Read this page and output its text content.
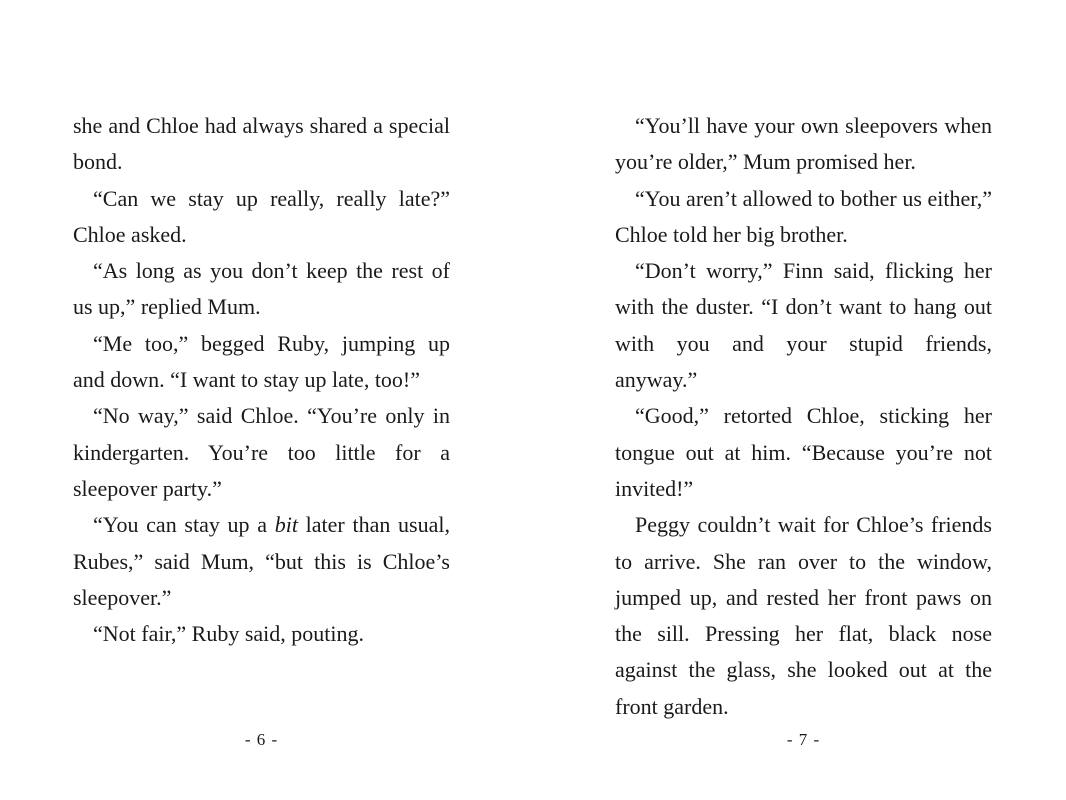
she and Chloe had always shared a special bond.

“Can we stay up really, really late?” Chloe asked.

“As long as you don’t keep the rest of us up,” replied Mum.

“Me too,” begged Ruby, jumping up and down. “I want to stay up late, too!”

“No way,” said Chloe. “You’re only in kindergarten. You’re too little for a sleepover party.”

“You can stay up a bit later than usual, Rubes,” said Mum, “but this is Chloe’s sleepover.”

“Not fair,” Ruby said, pouting.

“You’ll have your own sleepovers when you’re older,” Mum promised her.

“You aren’t allowed to bother us either,” Chloe told her big brother.

“Don’t worry,” Finn said, flicking her with the duster. “I don’t want to hang out with you and your stupid friends, anyway.”

“Good,” retorted Chloe, sticking her tongue out at him. “Because you’re not invited!”

Peggy couldn’t wait for Chloe’s friends to arrive. She ran over to the window, jumped up, and rested her front paws on the sill. Pressing her flat, black nose against the glass, she looked out at the front garden.

- 6 -	- 7 -
